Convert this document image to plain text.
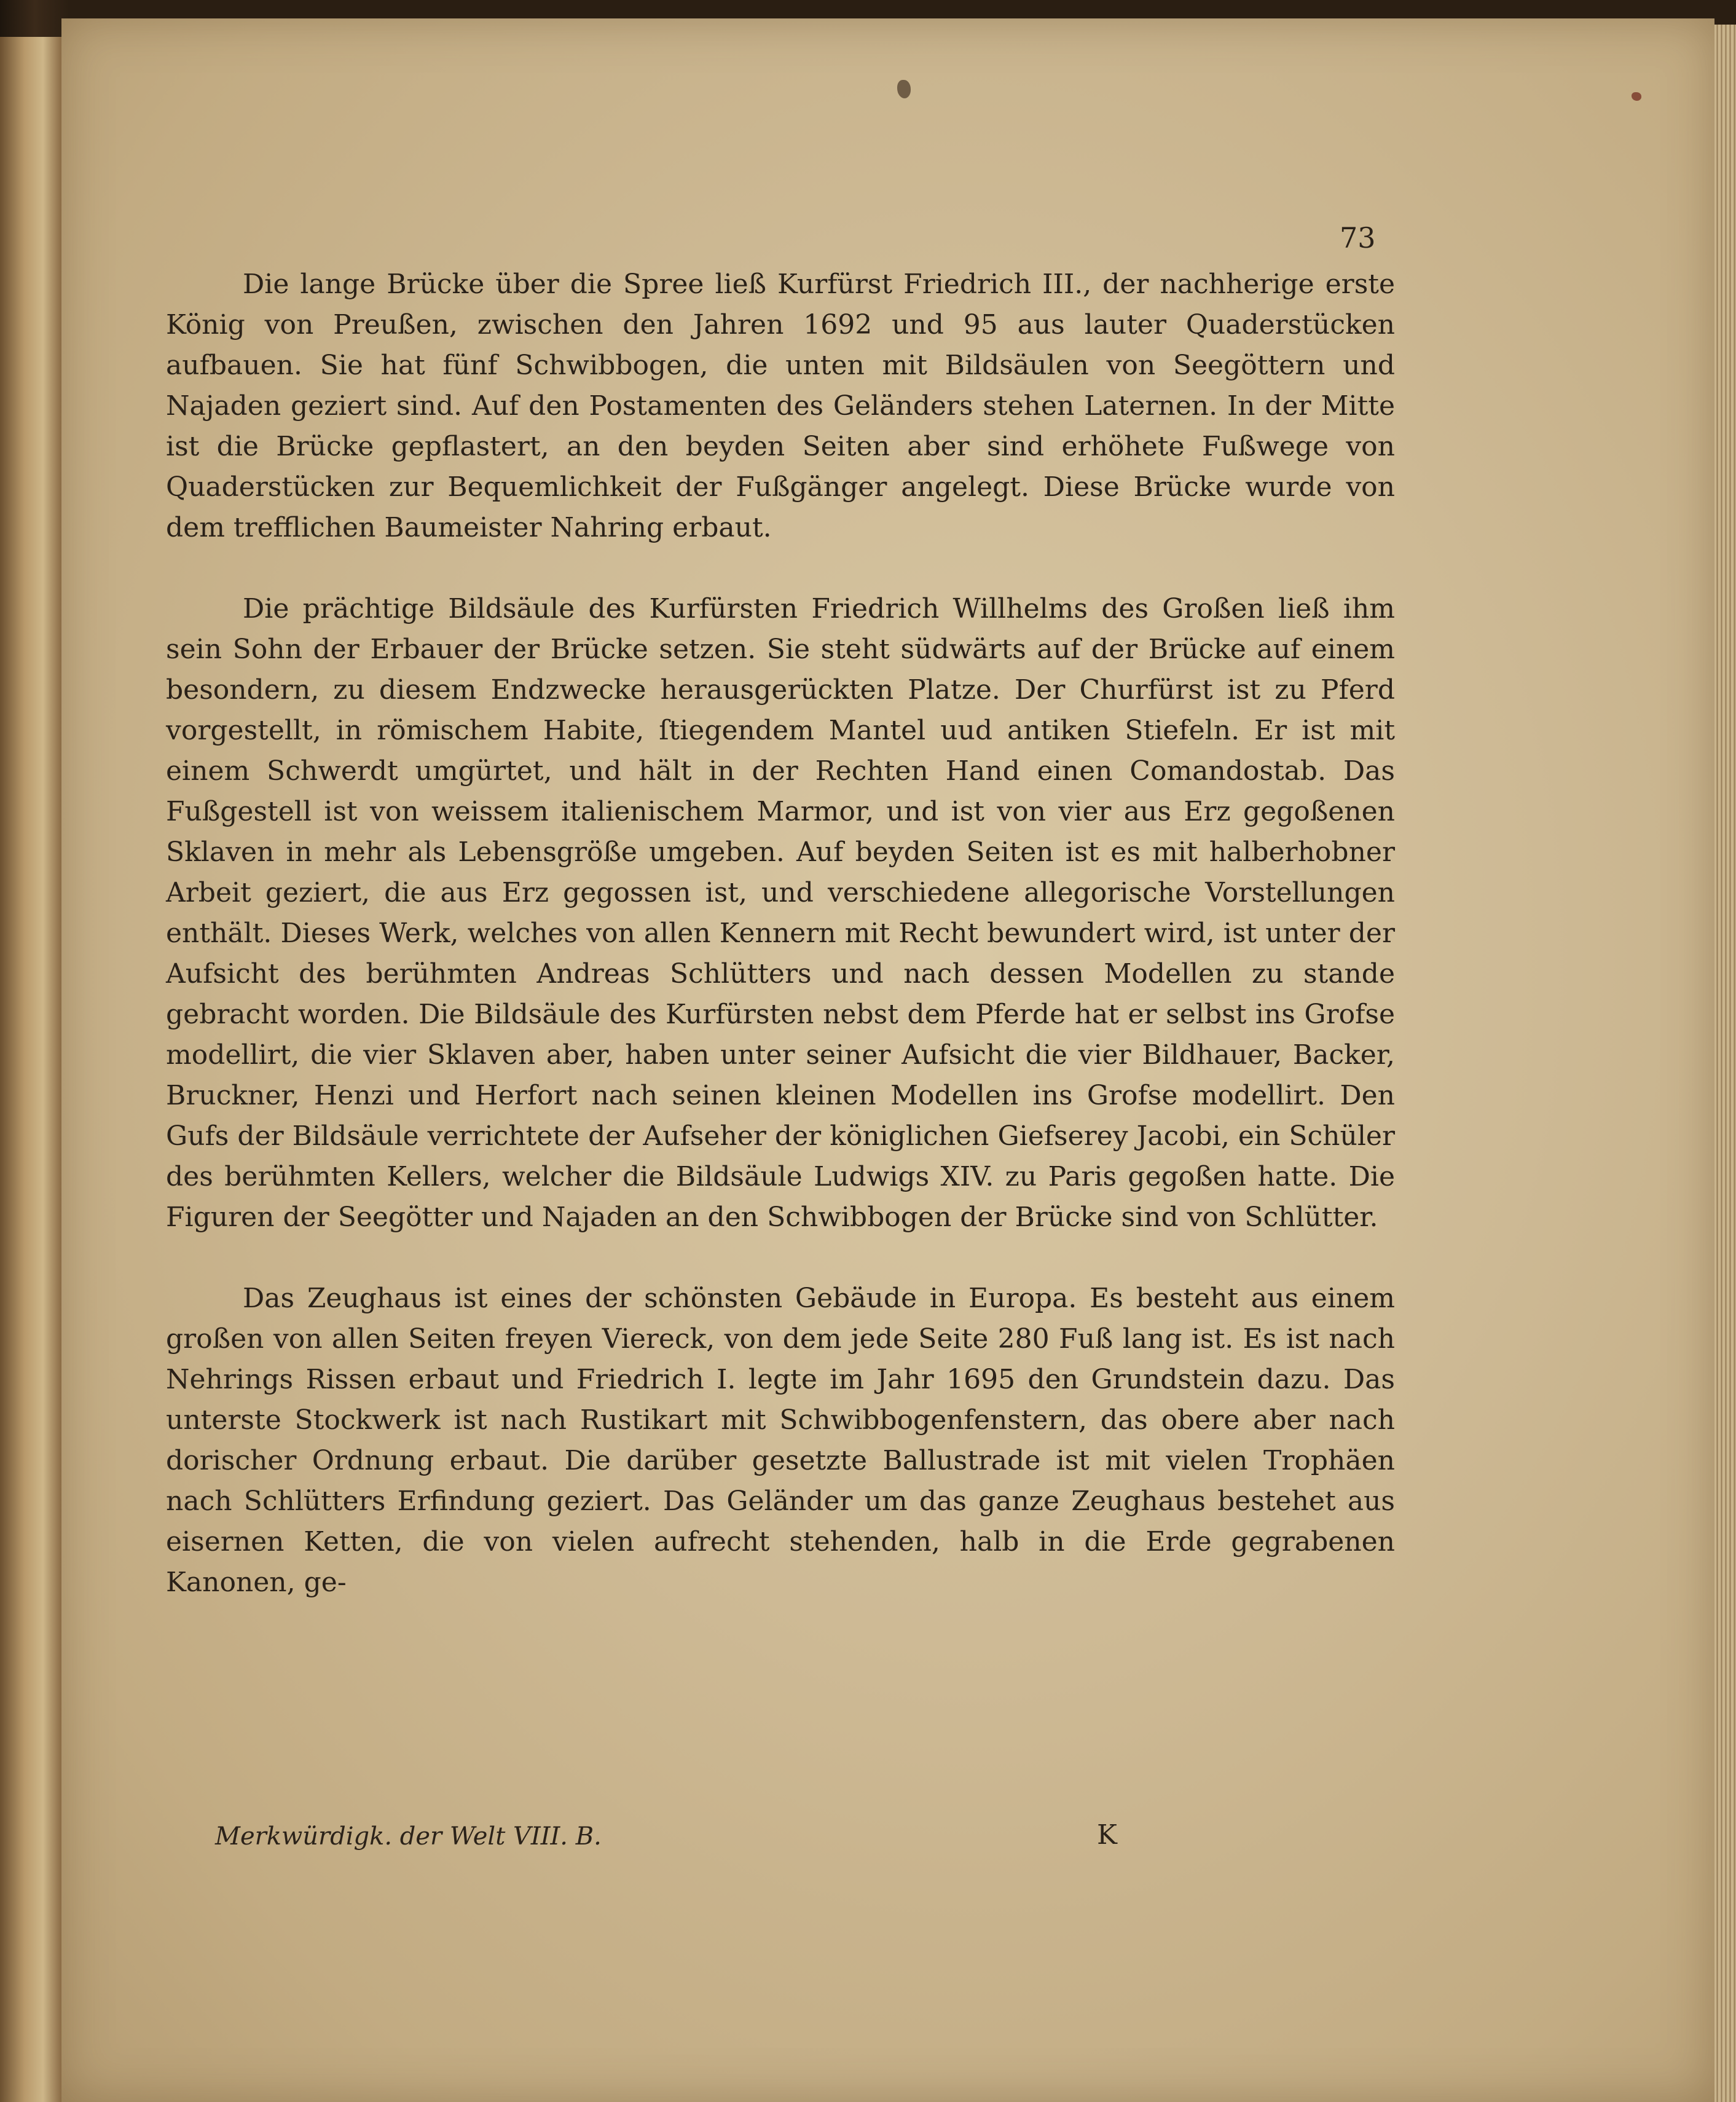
73

Die lange Brücke über die Spree ließ Kurfürst Friedrich III., der nachherige erste König von Preußen, zwischen den Jahren 1692 und 95 aus lauter Quaderstücken aufbauen. Sie hat fünf Schwibbogen, die unten mit Bildsäulen von Seegöttern und Najaden geziert sind. Auf den Postamenten des Geländers stehen Laternen. In der Mitte ist die Brücke gepflastert, an den beyden Seiten aber sind erhöhete Fußwege von Quaderstücken zur Bequemlichkeit der Fußgänger angelegt. Diese Brücke wurde von dem trefflichen Baumeister Nahring erbaut.

Die prächtige Bildsäule des Kurfürsten Friedrich Willhelms des Großen ließ ihm sein Sohn der Erbauer der Brücke setzen. Sie steht südwärts auf der Brücke auf einem besondern, zu diesem Endzwecke herausgerückten Platze. Der Churfürst ist zu Pferd vorgestellt, in römischem Habite, ſtiegendem Mantel uud antiken Stiefeln. Er ist mit einem Schwerdt umgürtet, und hält in der Rechten Hand einen Comandostab. Das Fußgestell ist von weissem italienischem Marmor, und ist von vier aus Erz gegoßenen Sklaven in mehr als Lebensgröße umgeben. Auf beyden Seiten ist es mit halberhobner Arbeit geziert, die aus Erz gegossen ist, und verschiedene allegorische Vorstellungen enthält. Dieses Werk, welches von allen Kennern mit Recht bewundert wird, ist unter der Aufsicht des berühmten Andreas Schlütters und nach dessen Modellen zu stande gebracht worden. Die Bildsäule des Kurfürsten nebst dem Pferde hat er selbst ins Grofse modellirt, die vier Sklaven aber, haben unter seiner Aufsicht die vier Bildhauer, Backer, Bruckner, Henzi und Herfort nach seinen kleinen Modellen ins Grofse modellirt. Den Gufs der Bildsäule verrichtete der Aufseher der königlichen Giefserey Jacobi, ein Schüler des berühmten Kellers, welcher die Bildsäule Ludwigs XIV. zu Paris gegoßen hatte. Die Figuren der Seegötter und Najaden an den Schwibbogen der Brücke sind von Schlütter.

Das Zeughaus ist eines der schönsten Gebäude in Europa. Es besteht aus einem großen von allen Seiten freyen Viereck, von dem jede Seite 280 Fuß lang ist. Es ist nach Nehrings Rissen erbaut und Friedrich I. legte im Jahr 1695 den Grundstein dazu. Das unterste Stockwerk ist nach Rustikart mit Schwibbogenfenstern, das obere aber nach dorischer Ordnung erbaut. Die darüber gesetzte Ballustrade ist mit vielen Trophäen nach Schlütters Erfindung geziert. Das Geländer um das ganze Zeughaus bestehet aus eisernen Ketten, die von vielen aufrecht stehenden, halb in die Erde gegrabenen Kanonen, ge-

Merkwürdigk. der Welt VIII. B.	K
